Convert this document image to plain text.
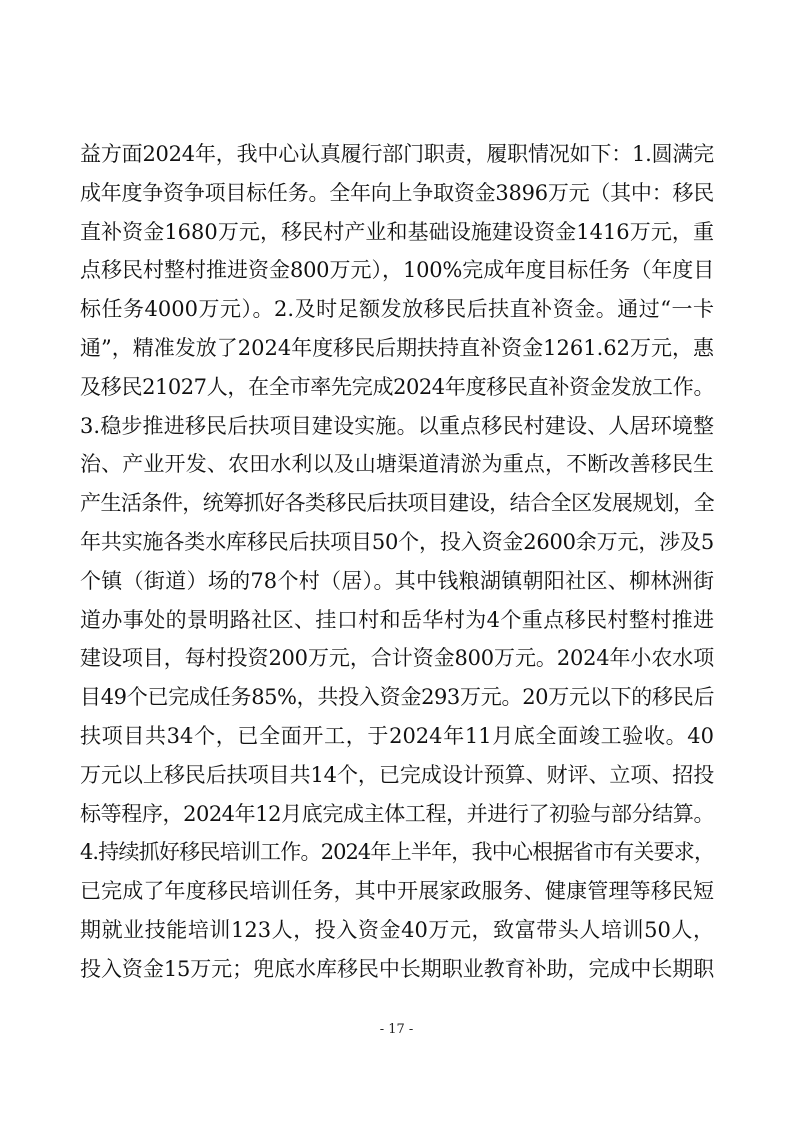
益方面2024年，我中心认真履行部门职责，履职情况如下：1.圆满完
成年度争资争项目标任务。全年向上争取资金3896万元（其中：移民
直补资金1680万元，移民村产业和基础设施建设资金1416万元，重
点移民村整村推进资金800万元），100%完成年度目标任务（年度目
标任务4000万元）。2.及时足额发放移民后扶直补资金。通过“一卡
通”，精准发放了2024年度移民后期扶持直补资金1261.62万元，惠
及移民21027人，在全市率先完成2024年度移民直补资金发放工作。
3.稳步推进移民后扶项目建设实施。以重点移民村建设、人居环境整
治、产业开发、农田水利以及山塘渠道清淤为重点，不断改善移民生
产生活条件，统筹抓好各类移民后扶项目建设，结合全区发展规划，全
年共实施各类水库移民后扶项目50个，投入资金2600余万元，涉及5
个镇（街道）场的78个村（居）。其中钱粮湖镇朝阳社区、柳林洲街
道办事处的景明路社区、挂口村和岳华村为4个重点移民村整村推进
建设项目，每村投资200万元，合计资金800万元。2024年小农水项
目49个已完成任务85%，共投入资金293万元。20万元以下的移民后
扶项目共34个，已全面开工，于2024年11月底全面竣工验收。40
万元以上移民后扶项目共14个，已完成设计预算、财评、立项、招投
标等程序，2024年12月底完成主体工程，并进行了初验与部分结算。
4.持续抓好移民培训工作。2024年上半年，我中心根据省市有关要求，
已完成了年度移民培训任务，其中开展家政服务、健康管理等移民短
期就业技能培训123人，投入资金40万元，致富带头人培训50人，
投入资金15万元；兜底水库移民中长期职业教育补助，完成中长期职
- 17 -
